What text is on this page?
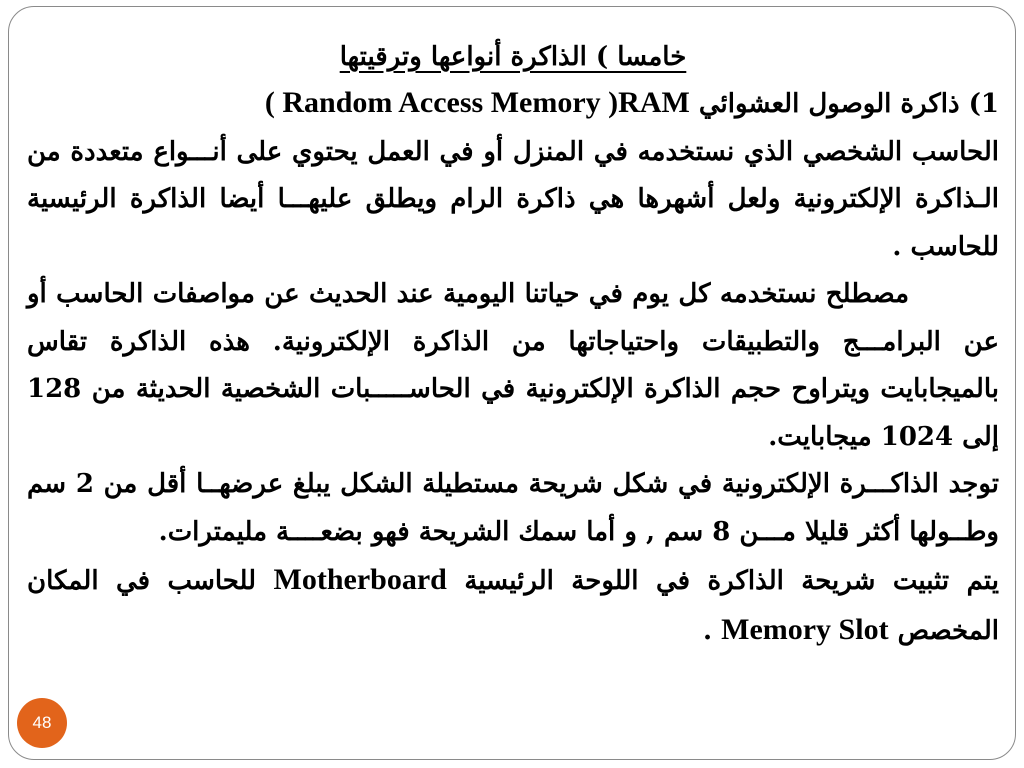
خامسا ) الذاكرة أنواعها وترقيتها

1) ذاكرة الوصول العشوائي ( Random Access Memory )RAM

الحاسب الشخصي الذي نستخدمه في المنزل أو في العمل يحتوي على أنـــواع متعددة من الـذاكرة الإلكترونية ولعل أشهرها هي ذاكرة الرام ويطلق عليهـــا أيضا الذاكرة الرئيسية للحاسب .

مصطلح نستخدمه كل يوم في حياتنا اليومية عند الحديث عن مواصفات الحاسب أو عن البرامـــج والتطبيقات واحتياجاتها من الذاكرة الإلكترونية. هذه الذاكرة تقاس بالميجابايت ويتراوح حجم الذاكرة الإلكترونية في الحاســـــبات الشخصية الحديثة من 128 إلى 1024 ميجابايت.

توجد الذاكـــرة الإلكترونية في شكل شريحة مستطيلة الشكل يبلغ عرضهــا أقل من 2 سم وطــولها أكثر قليلا مـــن 8 سم , و أما سمك الشريحة فهو بضعــــة مليمترات.

يتم تثبيت شريحة الذاكرة في اللوحة الرئيسية Motherboard للحاسب في المكان المخصص Memory Slot .

48
